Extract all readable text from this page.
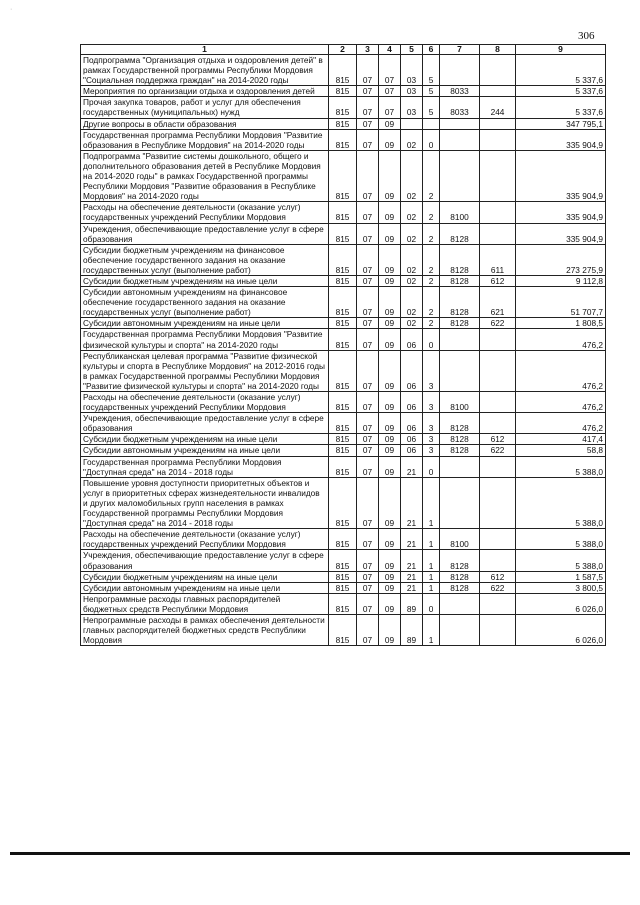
·
306
1	2	3	4	5	6	7	8	9
Подпрограмма "Организация отдыха и оздоровления детей" в рамках Государственной программы Республики Мордовия "Социальная поддержка граждан" на 2014-2020 годы	815	07	07	03	5			5 337,6
Мероприятия по организации отдыха и оздоровления детей	815	07	07	03	5	8033		5 337,6
Прочая закупка товаров, работ и услуг для обеспечения государственных (муниципальных) нужд	815	07	07	03	5	8033	244	5 337,6
Другие вопросы в области образования	815	07	09					347 795,1
Государственная программа Республики Мордовия "Развитие образования в Республике Мордовия" на 2014-2020 годы	815	07	09	02	0			335 904,9
Подпрограмма "Развитие системы дошкольного, общего и дополнительного образования детей в Республике Мордовия на 2014-2020 годы" в рамках Государственной программы Республики Мордовия "Развитие образования в Республике Мордовия" на 2014-2020 годы	815	07	09	02	2			335 904,9
Расходы на обеспечение деятельности (оказание услуг) государственных учреждений Республики Мордовия	815	07	09	02	2	8100		335 904,9
Учреждения, обеспечивающие предоставление услуг в сфере образования	815	07	09	02	2	8128		335 904,9
Субсидии бюджетным учреждениям на финансовое обеспечение государственного задания на оказание государственных услуг (выполнение работ)	815	07	09	02	2	8128	611	273 275,9
Субсидии бюджетным учреждениям на иные цели	815	07	09	02	2	8128	612	9 112,8
Субсидии автономным учреждениям на финансовое обеспечение государственного задания на оказание государственных услуг (выполнение работ)	815	07	09	02	2	8128	621	51 707,7
Субсидии автономным учреждениям на иные цели	815	07	09	02	2	8128	622	1 808,5
Государственная программа Республики Мордовия "Развитие физической культуры и спорта" на 2014-2020 годы	815	07	09	06	0			476,2
Республиканская целевая программа "Развитие физической культуры и спорта в Республике Мордовия" на 2012-2016 годы в рамках Государственной программы Республики Мордовия "Развитие физической культуры и спорта" на 2014-2020 годы	815	07	09	06	3			476,2
Расходы на обеспечение деятельности (оказание услуг) государственных учреждений Республики Мордовия	815	07	09	06	3	8100		476,2
Учреждения, обеспечивающие предоставление услуг в сфере образования	815	07	09	06	3	8128		476,2
Субсидии бюджетным учреждениям на иные цели	815	07	09	06	3	8128	612	417,4
Субсидии автономным учреждениям на иные цели	815	07	09	06	3	8128	622	58,8
Государственная программа Республики Мордовия "Доступная среда" на 2014 - 2018 годы	815	07	09	21	0			5 388,0
Повышение уровня доступности приоритетных объектов и услуг в приоритетных сферах жизнедеятельности инвалидов и других маломобильных групп населения в рамках Государственной программы Республики Мордовия "Доступная среда" на 2014 - 2018 годы	815	07	09	21	1			5 388,0
Расходы на обеспечение деятельности (оказание услуг) государственных учреждений Республики Мордовия	815	07	09	21	1	8100		5 388,0
Учреждения, обеспечивающие предоставление услуг в сфере образования	815	07	09	21	1	8128		5 388,0
Субсидии бюджетным учреждениям на иные цели	815	07	09	21	1	8128	612	1 587,5
Субсидии автономным учреждениям на иные цели	815	07	09	21	1	8128	622	3 800,5
Непрограммные расходы главных распорядителей бюджетных средств Республики Мордовия	815	07	09	89	0			6 026,0
Непрограммные расходы в рамках обеспечения деятельности главных распорядителей бюджетных средств Республики Мордовия	815	07	09	89	1			6 026,0
